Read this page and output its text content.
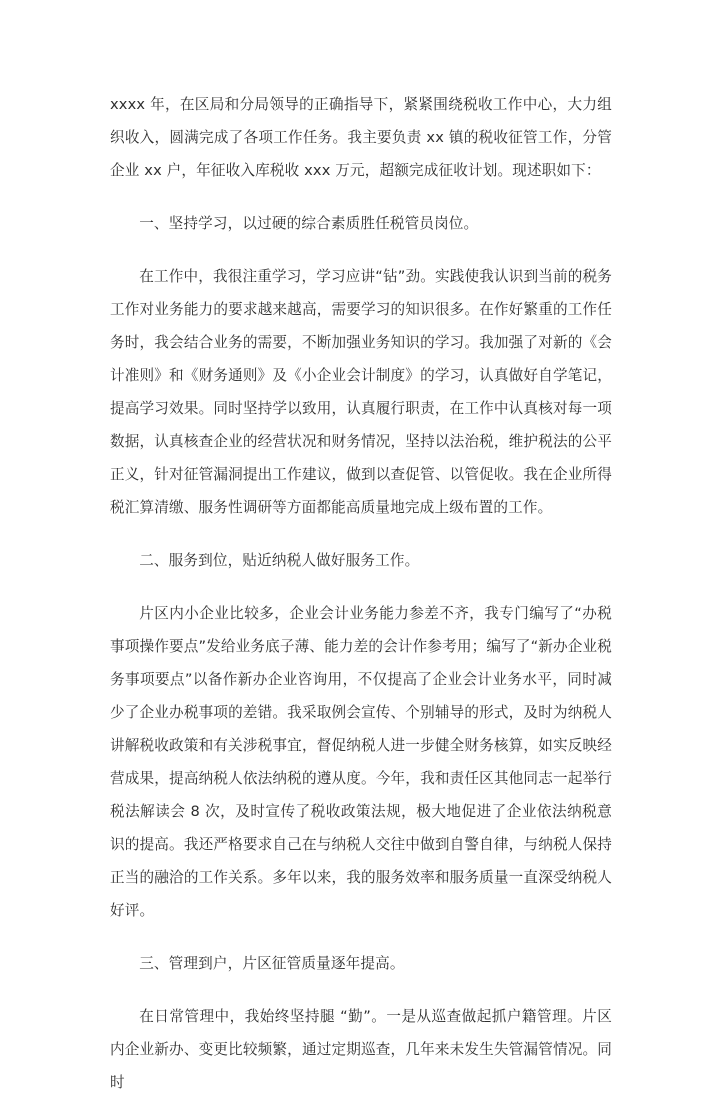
xxxx 年，在区局和分局领导的正确指导下，紧紧围绕税收工作中心，大力组织收入，圆满完成了各项工作任务。我主要负责 xx 镇的税收征管工作，分管企业 xx 户，年征收入库税收 xxx 万元，超额完成征收计划。现述职如下：

一、坚持学习，以过硬的综合素质胜任税管员岗位。

在工作中，我很注重学习，学习应讲“钻”劲。实践使我认识到当前的税务工作对业务能力的要求越来越高，需要学习的知识很多。在作好繁重的工作任务时，我会结合业务的需要，不断加强业务知识的学习。我加强了对新的《会计准则》和《财务通则》及《小企业会计制度》的学习，认真做好自学笔记，提高学习效果。同时坚持学以致用，认真履行职责，在工作中认真核对每一项数据，认真核查企业的经营状况和财务情况，坚持以法治税，维护税法的公平正义，针对征管漏洞提出工作建议，做到以查促管、以管促收。我在企业所得税汇算清缴、服务性调研等方面都能高质量地完成上级布置的工作。

二、服务到位，贴近纳税人做好服务工作。

片区内小企业比较多，企业会计业务能力参差不齐，我专门编写了“办税事项操作要点”发给业务底子薄、能力差的会计作参考用；编写了“新办企业税务事项要点”以备作新办企业咨询用，不仅提高了企业会计业务水平，同时减少了企业办税事项的差错。我采取例会宣传、个别辅导的形式，及时为纳税人讲解税收政策和有关涉税事宜，督促纳税人进一步健全财务核算，如实反映经营成果，提高纳税人依法纳税的遵从度。今年，我和责任区其他同志一起举行税法解读会 8 次，及时宣传了税收政策法规，极大地促进了企业依法纳税意识的提高。我还严格要求自己在与纳税人交往中做到自警自律，与纳税人保持正当的融洽的工作关系。多年以来，我的服务效率和服务质量一直深受纳税人好评。

三、管理到户，片区征管质量逐年提高。

在日常管理中，我始终坚持腿 “勤”。一是从巡查做起抓户籍管理。片区内企业新办、变更比较频繁，通过定期巡查，几年来未发生失管漏管情况。同时
